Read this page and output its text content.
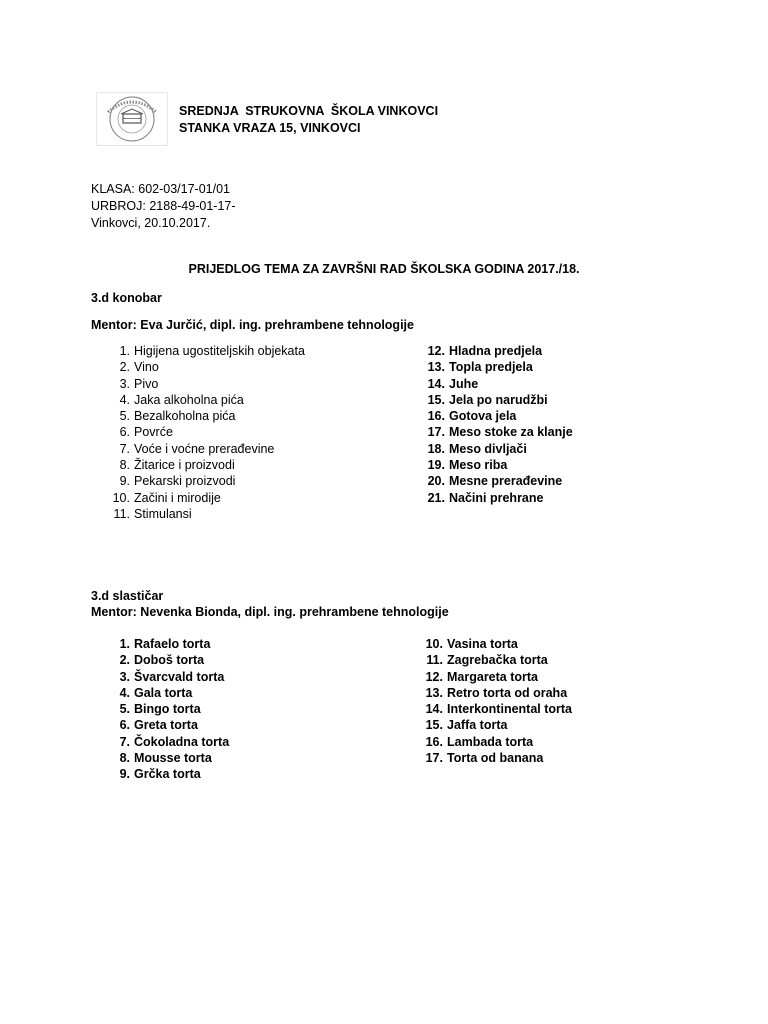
SREDNJA  STRUKOVNA  ŠKOLA VINKOVCI
STANKA VRAZA 15, VINKOVCI
KLASA: 602-03/17-01/01
URBROJ: 2188-49-01-17-
Vinkovci, 20.10.2017.
PRIJEDLOG TEMA ZA ZAVRŠNI RAD ŠKOLSKA GODINA 2017./18.
3.d konobar
Mentor: Eva Jurčić, dipl. ing. prehrambene tehnologije
1. Higijena ugostiteljskih objekata
2. Vino
3. Pivo
4. Jaka alkoholna pića
5. Bezalkoholna pića
6. Povrće
7. Voće i voćne prerađevine
8. Žitarice i proizvodi
9. Pekarski proizvodi
10. Začini i mirodije
11. Stimulansi
12. Hladna predjela
13. Topla predjela
14. Juhe
15. Jela po narudžbi
16. Gotova jela
17. Meso stoke za klanje
18. Meso divljači
19. Meso riba
20. Mesne prerađevine
21. Načini prehrane
3.d slastičar
Mentor: Nevenka Bionda, dipl. ing. prehrambene tehnologije
1. Rafaelo torta
2. Doboš torta
3. Švarcvald torta
4. Gala torta
5. Bingo torta
6. Greta torta
7. Čokoladna torta
8. Mousse torta
9. Grčka torta
10. Vasina torta
11. Zagrebačka torta
12. Margareta torta
13. Retro torta od oraha
14. Interkontinental torta
15. Jaffa torta
16. Lambada torta
17. Torta od banana
